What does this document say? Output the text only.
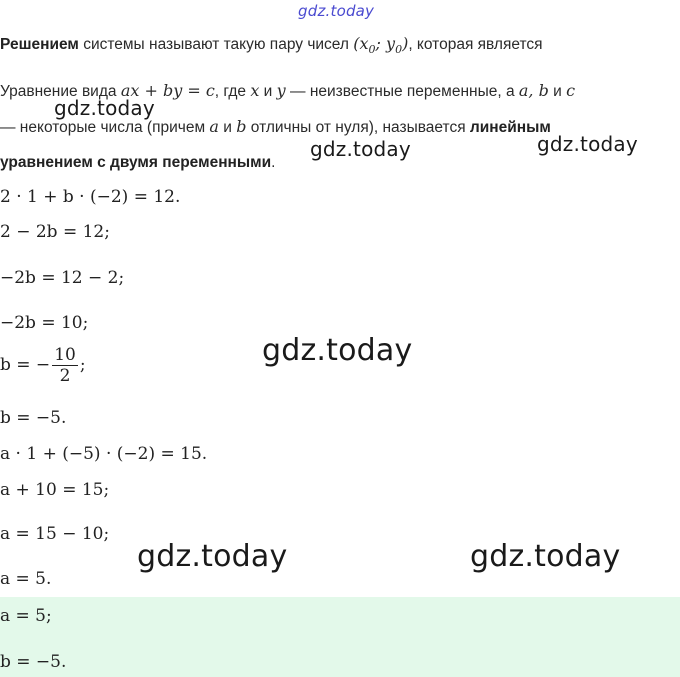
gdz.today
Решением системы называют такую пару чисел ($x_0$; $y_0$), которая является
Уравнение вида ax + by = c, где x и y — неизвестные переменные, а a, b и c
— некоторые числа (причем a и b отличны от нуля), называется линейным
уравнением с двумя переменными.
gdz.today
gdz.today	gdz.today
2 · 1 + b · (−2) = 12.
2 − 2b = 12;
−2b = 12 − 2;
−2b = 10;
b = − $\frac{10}{2}$ ;
b = −5.
a · 1 + (−5) · (−2) = 15.
a + 10 = 15;
a = 15 − 10;
a = 5.
gdz.today
gdz.today	gdz.today
a = 5;
b = −5.
